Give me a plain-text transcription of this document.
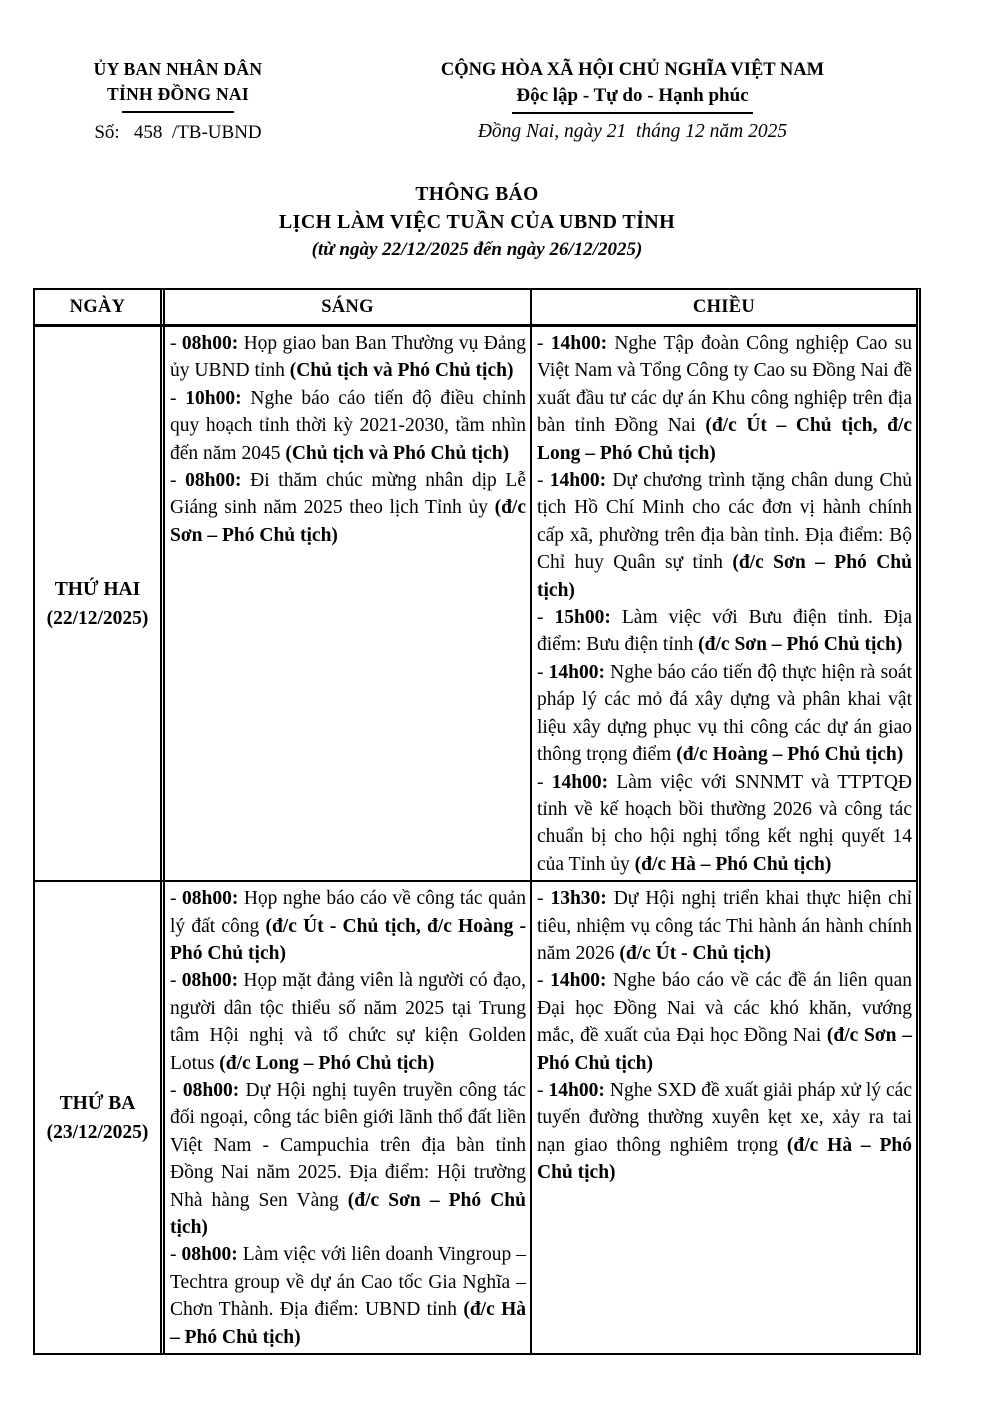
ỦY BAN NHÂN DÂN
TỈNH ĐỒNG NAI
Số:   458  /TB-UBND
CỘNG HÒA XÃ HỘI CHỦ NGHĨA VIỆT NAM
Độc lập - Tự do - Hạnh phúc
Đồng Nai, ngày 21  tháng 12 năm 2025
THÔNG BÁO
LỊCH LÀM VIỆC TUẦN CỦA UBND TỈNH
(từ ngày 22/12/2025 đến ngày 26/12/2025)
NGÀY	SÁNG	CHIỀU
THỨ HAI
(22/12/2025)

- 08h00: Họp giao ban Ban Thường vụ Đảng ủy UBND tỉnh (Chủ tịch và Phó Chủ tịch)

- 10h00: Nghe báo cáo tiến độ điều chỉnh quy hoạch tỉnh thời kỳ 2021-2030, tầm nhìn đến năm 2045 (Chủ tịch và Phó Chủ tịch)

- 08h00: Đi thăm chúc mừng nhân dịp Lễ Giáng sinh năm 2025 theo lịch Tỉnh ủy (đ/c Sơn – Phó Chủ tịch)

- 14h00: Nghe Tập đoàn Công nghiệp Cao su Việt Nam và Tổng Công ty Cao su Đồng Nai đề xuất đầu tư các dự án Khu công nghiệp trên địa bàn tỉnh Đồng Nai (đ/c Út – Chủ tịch, đ/c Long – Phó Chủ tịch)

- 14h00: Dự chương trình tặng chân dung Chủ tịch Hồ Chí Minh cho các đơn vị hành chính cấp xã, phường trên địa bàn tỉnh. Địa điểm: Bộ Chỉ huy Quân sự tỉnh (đ/c Sơn – Phó Chủ tịch)

- 15h00: Làm việc với Bưu điện tỉnh. Địa điểm: Bưu điện tỉnh (đ/c Sơn – Phó Chủ tịch)

- 14h00: Nghe báo cáo tiến độ thực hiện rà soát pháp lý các mỏ đá xây dựng và phân khai vật liệu xây dựng phục vụ thi công các dự án giao thông trọng điểm (đ/c Hoàng – Phó Chủ tịch)

- 14h00: Làm việc với SNNMT và TTPTQĐ tỉnh về kế hoạch bồi thường 2026 và công tác chuẩn bị cho hội nghị tổng kết nghị quyết 14 của Tỉnh ủy (đ/c Hà – Phó Chủ tịch)

THỨ BA
(23/12/2025)

- 08h00: Họp nghe báo cáo về công tác quản lý đất công (đ/c Út - Chủ tịch, đ/c Hoàng - Phó Chủ tịch)

- 08h00: Họp mặt đảng viên là người có đạo, người dân tộc thiểu số năm 2025 tại Trung tâm Hội nghị và tổ chức sự kiện Golden Lotus (đ/c Long – Phó Chủ tịch)

- 08h00: Dự Hội nghị tuyên truyền công tác đối ngoại, công tác biên giới lãnh thổ đất liền Việt Nam - Campuchia trên địa bàn tỉnh Đồng Nai năm 2025. Địa điểm: Hội trường Nhà hàng Sen Vàng (đ/c Sơn – Phó Chủ tịch)

- 08h00: Làm việc với liên doanh Vingroup – Techtra group về dự án Cao tốc Gia Nghĩa – Chơn Thành. Địa điểm: UBND tỉnh (đ/c Hà – Phó Chủ tịch)

- 13h30: Dự Hội nghị triển khai thực hiện chỉ tiêu, nhiệm vụ công tác Thi hành án hành chính năm 2026 (đ/c Út - Chủ tịch)

- 14h00: Nghe báo cáo về các đề án liên quan Đại học Đồng Nai và các khó khăn, vướng mắc, đề xuất của Đại học Đồng Nai (đ/c Sơn – Phó Chủ tịch)

- 14h00: Nghe SXD đề xuất giải pháp xử lý các tuyến đường thường xuyên kẹt xe, xảy ra tai nạn giao thông nghiêm trọng (đ/c Hà – Phó Chủ tịch)
